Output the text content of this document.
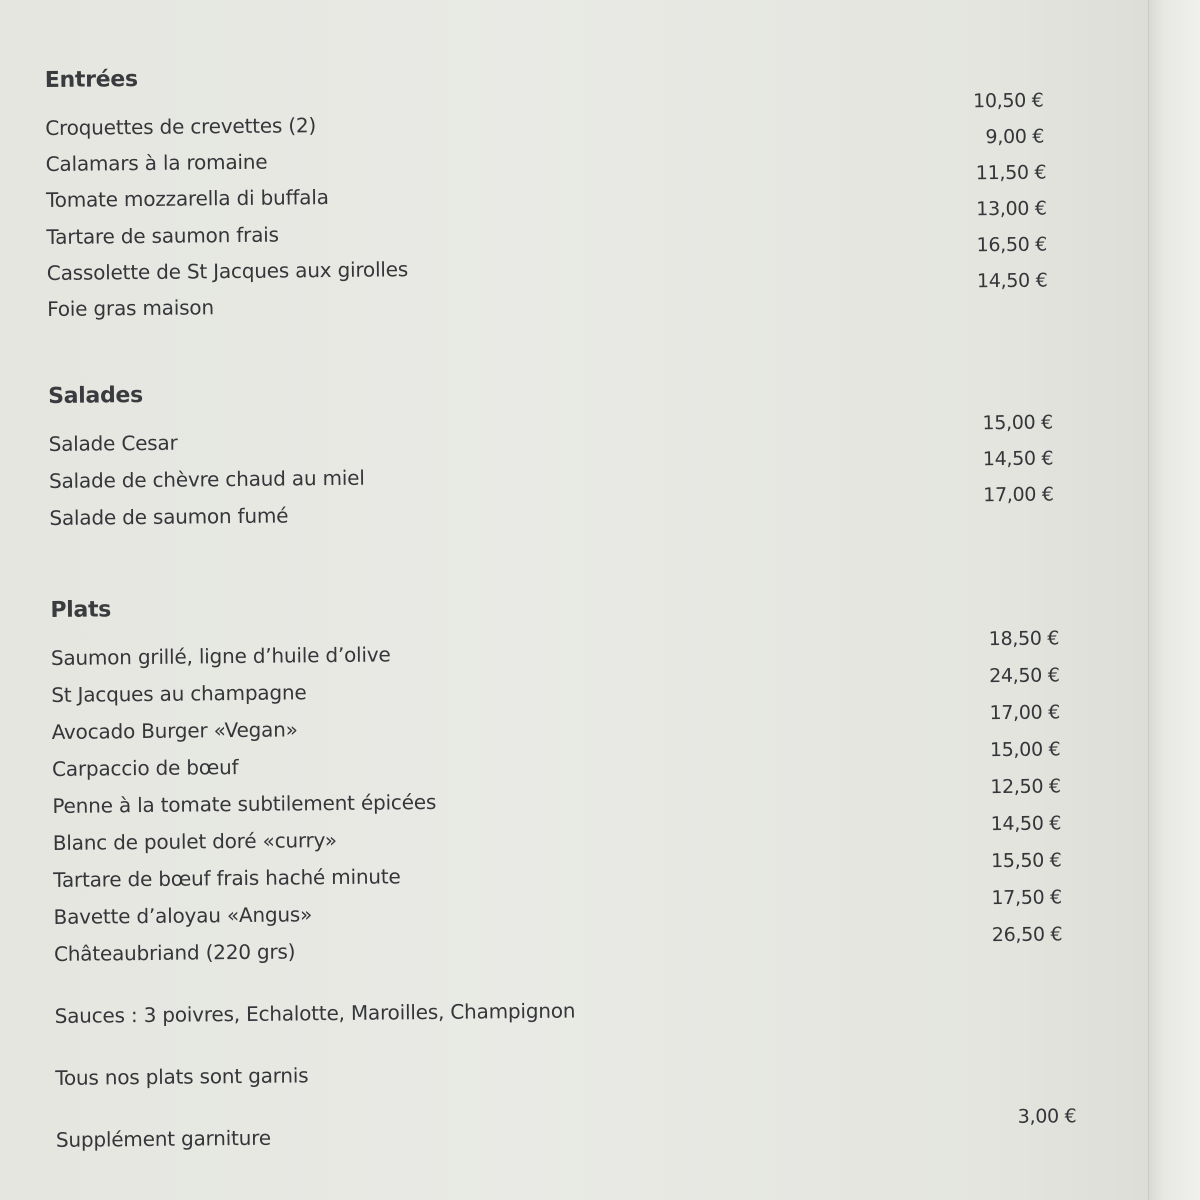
Entrées
Croquettes de crevettes (2)
Calamars à la romaine
Tomate mozzarella di buffala
Tartare de saumon frais
Cassolette de St Jacques aux girolles
Foie gras maison
10,50 €
9,00 €
11,50 €
13,00 €
16,50 €
14,50 €
Salades
Salade Cesar
Salade de chèvre chaud au miel
Salade de saumon fumé
15,00 €
14,50 €
17,00 €
Plats
Saumon grillé, ligne d’huile d’olive
St Jacques au champagne
Avocado Burger «Vegan»
Carpaccio de bœuf
Penne à la tomate subtilement épicées
Blanc de poulet doré «curry»
Tartare de bœuf frais haché minute
Bavette d’aloyau «Angus»
Châteaubriand (220 grs)
18,50 €
24,50 €
17,00 €
15,00 €
12,50 €
14,50 €
15,50 €
17,50 €
26,50 €
Sauces : 3 poivres, Echalotte, Maroilles, Champignon
Tous nos plats sont garnis
Supplément garniture
3,00 €
